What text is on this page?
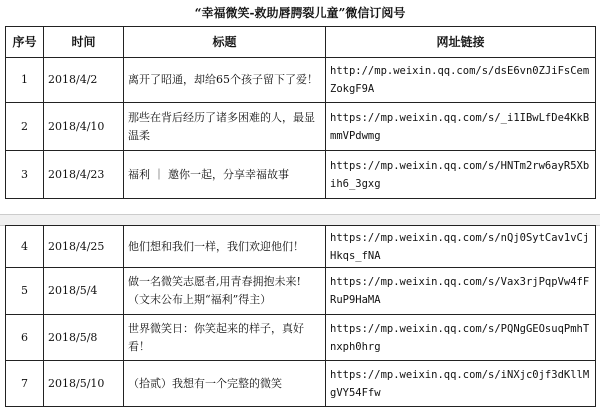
“幸福微笑-救助唇腭裂儿童”微信订阅号
序号	时间	标题	网址链接
1	2018/4/2	离开了昭通，却给65个孩子留下了爱！	http://mp.weixin.qq.com/s/dsE6vn0ZJiFsCemZokgF9A
2	2018/4/10	那些在背后经历了诸多困难的人，最显温柔	https://mp.weixin.qq.com/s/_i1IBwLfDe4KkBmmVPdwmg
3	2018/4/23	福利 ｜ 邀你一起，分享幸福故事	https://mp.weixin.qq.com/s/HNTm2rw6ayR5Xbih6_3gxg
4	2018/4/25	他们想和我们一样，我们欢迎他们！	https://mp.weixin.qq.com/s/nQj0SytCav1vCjHkqs_fNA
5	2018/5/4	做一名微笑志愿者,用青春拥抱未来!（文末公布上期“福利”得主）	https://mp.weixin.qq.com/s/Vax3rjPqpVw4fFRuP9HaMA
6	2018/5/8	世界微笑日：你笑起来的样子，真好看！	https://mp.weixin.qq.com/s/PQNgGEOsuqPmhTnxph0hrg
7	2018/5/10	（拾贰）我想有一个完整的微笑	https://mp.weixin.qq.com/s/iNXjc0jf3dKllMgVY54Ffw
